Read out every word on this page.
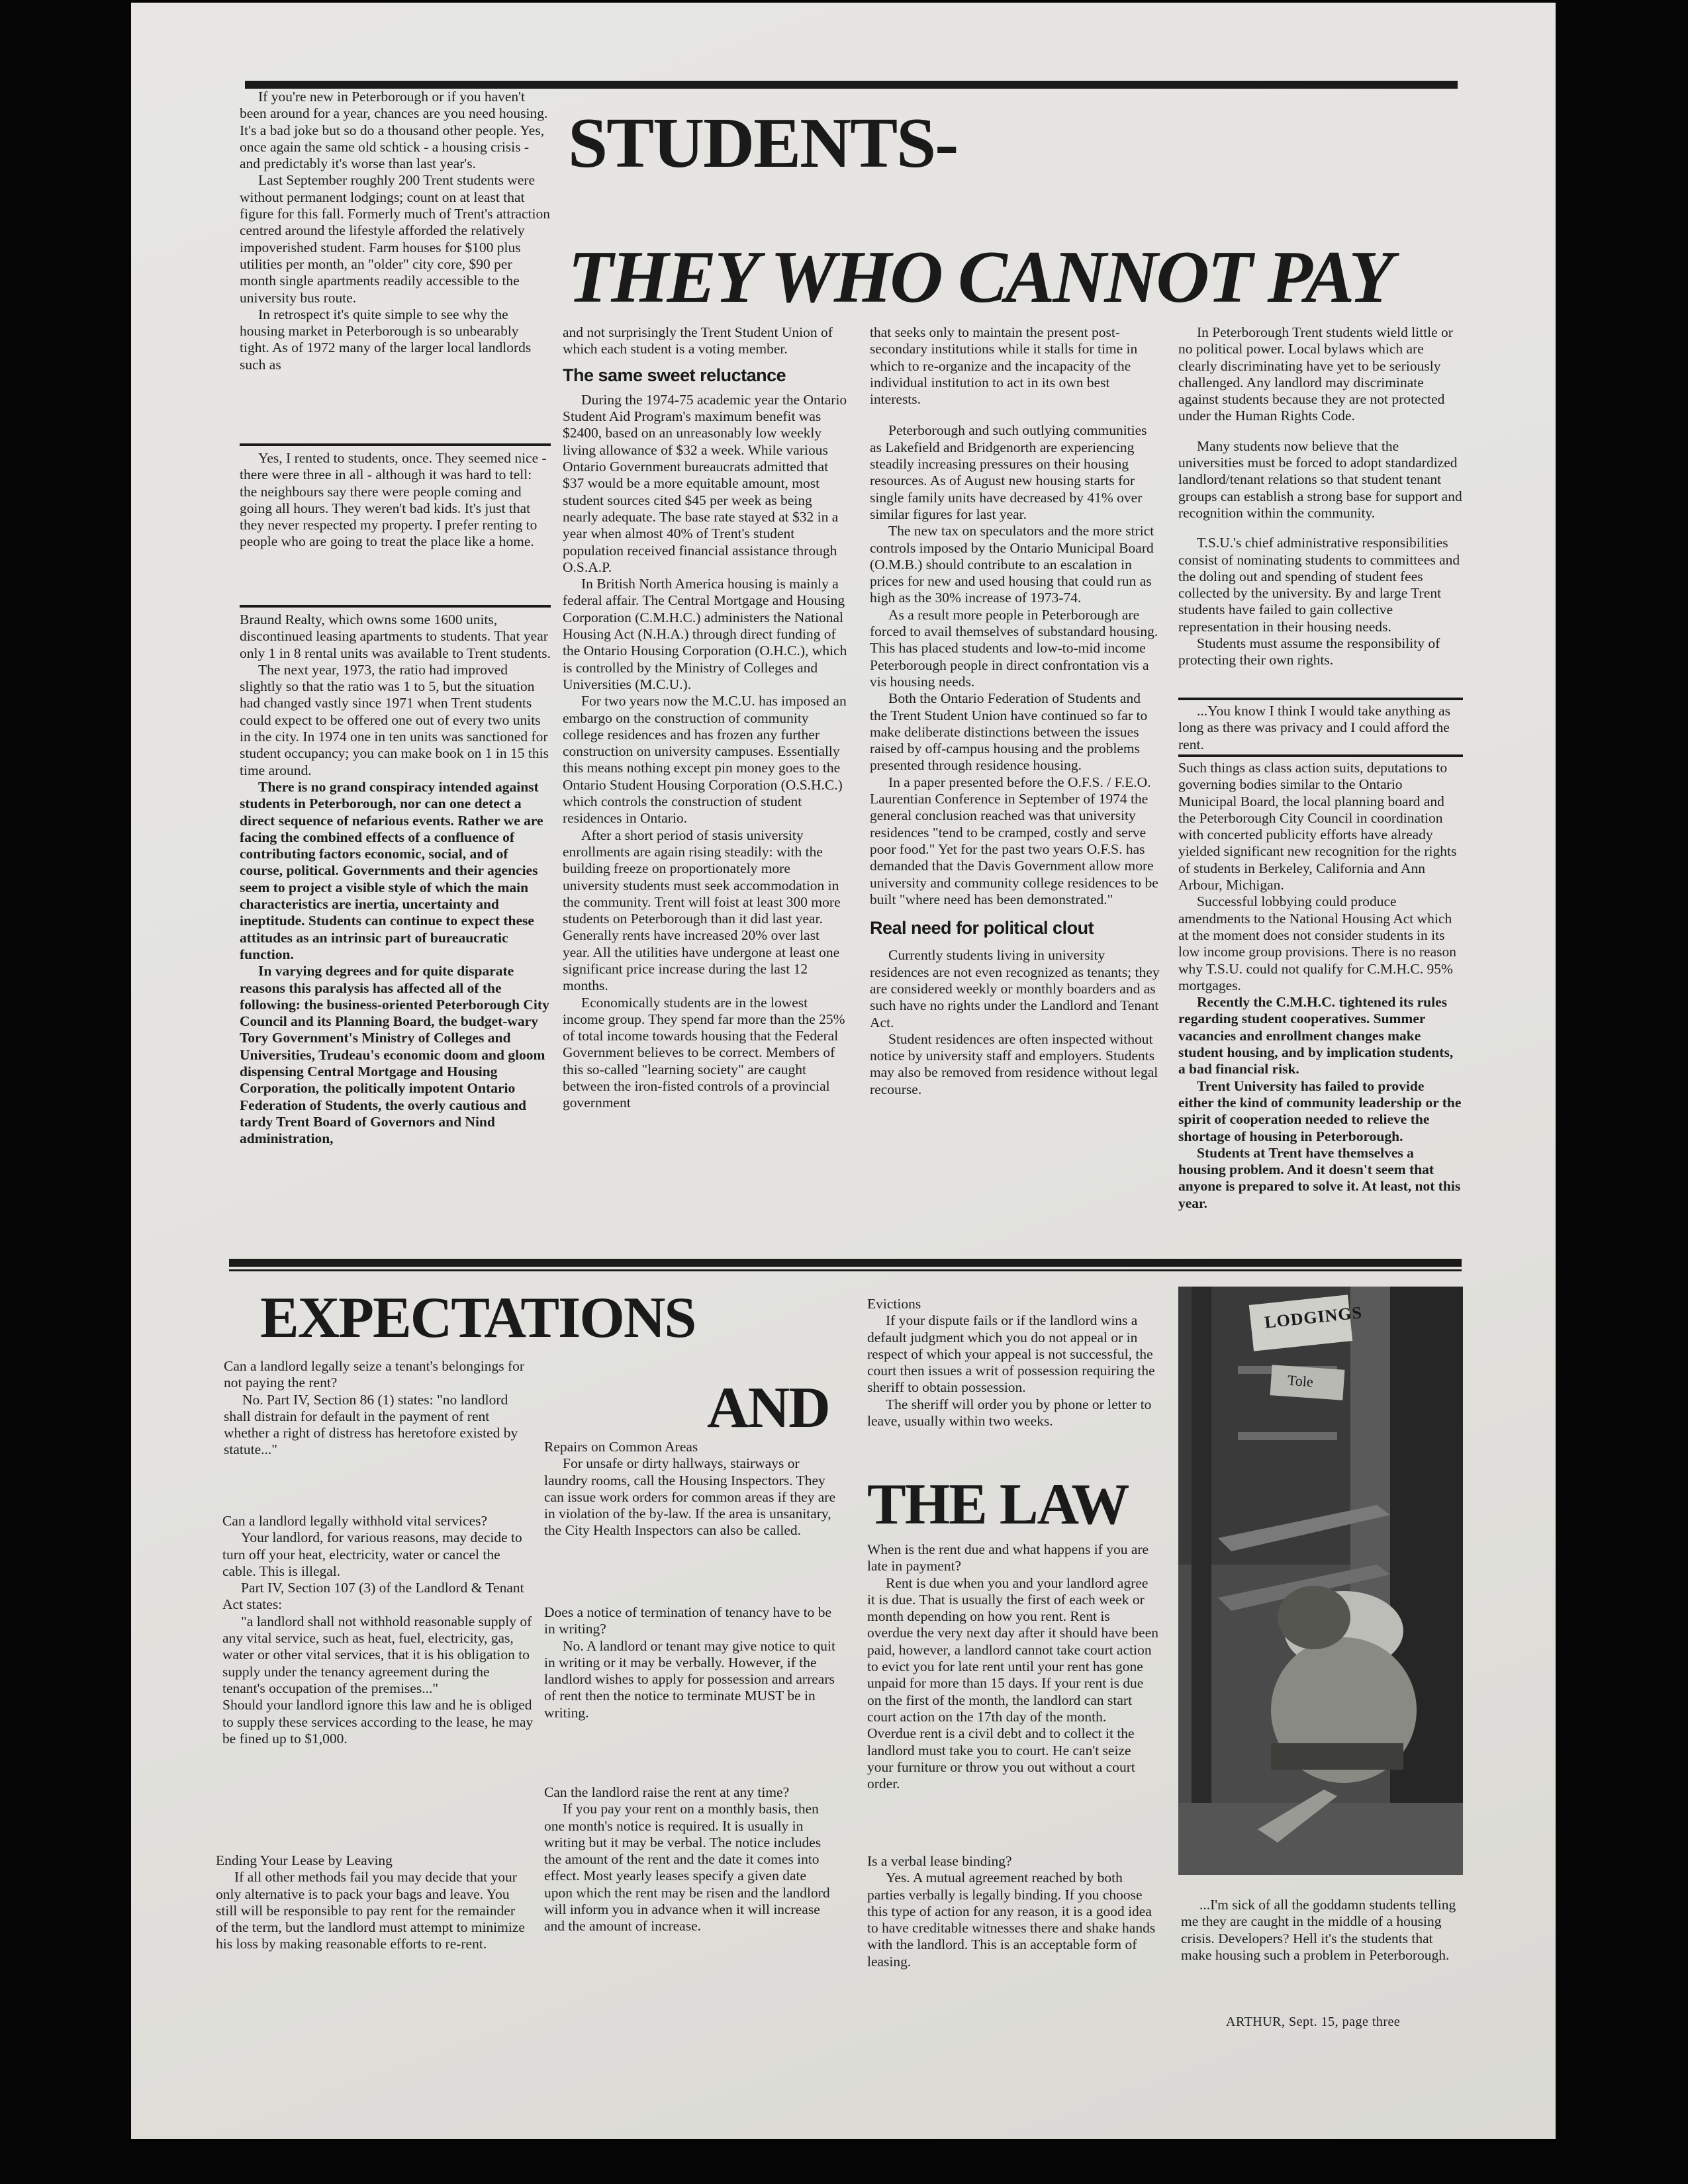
STUDENTS-
THEY WHO CANNOT PAY

If you're new in Peterborough or if you haven't been around for a year, chances are you need housing. It's a bad joke but so do a thousand other people. Yes, once again the same old schtick - a housing crisis - and predictably it's worse than last year's.

Last September roughly 200 Trent students were without permanent lodgings; count on at least that figure for this fall. Formerly much of Trent's attraction centred around the lifestyle afforded the relatively impoverished student. Farm houses for $100 plus utilities per month, an "older" city core, $90 per month single apartments readily accessible to the university bus route.

In retrospect it's quite simple to see why the housing market in Peterborough is so unbearably tight. As of 1972 many of the larger local landlords such as

Yes, I rented to students, once. They seemed nice - there were three in all - although it was hard to tell: the neighbours say there were people coming and going all hours. They weren't bad kids. It's just that they never respected my property. I prefer renting to people who are going to treat the place like a home.

Braund Realty, which owns some 1600 units, discontinued leasing apartments to students. That year only 1 in 8 rental units was available to Trent students.

The next year, 1973, the ratio had improved slightly so that the ratio was 1 to 5, but the situation had changed vastly since 1971 when Trent students could expect to be offered one out of every two units in the city. In 1974 one in ten units was sanctioned for student occupancy; you can make book on 1 in 15 this time around.

There is no grand conspiracy intended against students in Peterborough, nor can one detect a direct sequence of nefarious events. Rather we are facing the combined effects of a confluence of contributing factors economic, social, and of course, political. Governments and their agencies seem to project a visible style of which the main characteristics are inertia, uncertainty and ineptitude. Students can continue to expect these attitudes as an intrinsic part of bureaucratic function.

In varying degrees and for quite disparate reasons this paralysis has affected all of the following: the business-oriented Peterborough City Council and its Planning Board, the budget-wary Tory Government's Ministry of Colleges and Universities, Trudeau's economic doom and gloom dispensing Central Mortgage and Housing Corporation, the politically impotent Ontario Federation of Students, the overly cautious and tardy Trent Board of Governors and Nind administration,

and not surprisingly the Trent Student Union of which each student is a voting member.

The same sweet reluctance

During the 1974-75 academic year the Ontario Student Aid Program's maximum benefit was $2400, based on an unreasonably low weekly living allowance of $32 a week. While various Ontario Government bureaucrats admitted that $37 would be a more equitable amount, most student sources cited $45 per week as being nearly adequate. The base rate stayed at $32 in a year when almost 40% of Trent's student population received financial assistance through O.S.A.P.

In British North America housing is mainly a federal affair. The Central Mortgage and Housing Corporation (C.M.H.C.) administers the National Housing Act (N.H.A.) through direct funding of the Ontario Housing Corporation (O.H.C.), which is controlled by the Ministry of Colleges and Universities (M.C.U.).

For two years now the M.C.U. has imposed an embargo on the construction of community college residences and has frozen any further construction on university campuses. Essentially this means nothing except pin money goes to the Ontario Student Housing Corporation (O.S.H.C.) which controls the construction of student residences in Ontario.

After a short period of stasis university enrollments are again rising steadily: with the building freeze on proportionately more university students must seek accommodation in the community. Trent will foist at least 300 more students on Peterborough than it did last year. Generally rents have increased 20% over last year. All the utilities have undergone at least one significant price increase during the last 12 months.

Economically students are in the lowest income group. They spend far more than the 25% of total income towards housing that the Federal Government believes to be correct. Members of this so-called "learning society" are caught between the iron-fisted controls of a provincial government

that seeks only to maintain the present post-secondary institutions while it stalls for time in which to re-organize and the incapacity of the individual institution to act in its own best interests.

Peterborough and such outlying communities as Lakefield and Bridgenorth are experiencing steadily increasing pressures on their housing resources. As of August new housing starts for single family units have decreased by 41% over similar figures for last year.

The new tax on speculators and the more strict controls imposed by the Ontario Municipal Board (O.M.B.) should contribute to an escalation in prices for new and used housing that could run as high as the 30% increase of 1973-74.

As a result more people in Peterborough are forced to avail themselves of substandard housing. This has placed students and low-to-mid income Peterborough people in direct confrontation vis a vis housing needs.

Both the Ontario Federation of Students and the Trent Student Union have continued so far to make deliberate distinctions between the issues raised by off-campus housing and the problems presented through residence housing.

In a paper presented before the O.F.S. / F.E.O. Laurentian Conference in September of 1974 the general conclusion reached was that university residences "tend to be cramped, costly and serve poor food." Yet for the past two years O.F.S. has demanded that the Davis Government allow more university and community college residences to be built "where need has been demonstrated."

Real need for political clout

Currently students living in university residences are not even recognized as tenants; they are considered weekly or monthly boarders and as such have no rights under the Landlord and Tenant Act.

Student residences are often inspected without notice by university staff and employers. Students may also be removed from residence without legal recourse.

In Peterborough Trent students wield little or no political power. Local bylaws which are clearly discriminating have yet to be seriously challenged. Any landlord may discriminate against students because they are not protected under the Human Rights Code.

Many students now believe that the universities must be forced to adopt standardized landlord/tenant relations so that student tenant groups can establish a strong base for support and recognition within the community.

T.S.U.'s chief administrative responsibilities consist of nominating students to committees and the doling out and spending of student fees collected by the university. By and large Trent students have failed to gain collective representation in their housing needs.

Students must assume the responsibility of protecting their own rights.

...You know I think I would take anything as long as there was privacy and I could afford the rent.

Such things as class action suits, deputations to governing bodies similar to the Ontario Municipal Board, the local planning board and the Peterborough City Council in coordination with concerted publicity efforts have already yielded significant new recognition for the rights of students in Berkeley, California and Ann Arbour, Michigan.

Successful lobbying could produce amendments to the National Housing Act which at the moment does not consider students in its low income group provisions. There is no reason why T.S.U. could not qualify for C.M.H.C. 95% mortgages.

Recently the C.M.H.C. tightened its rules regarding student cooperatives. Summer vacancies and enrollment changes make student housing, and by implication students, a bad financial risk.

Trent University has failed to provide either the kind of community leadership or the spirit of cooperation needed to relieve the shortage of housing in Peterborough.

Students at Trent have themselves a housing problem. And it doesn't seem that anyone is prepared to solve it. At least, not this year.

EXPECTATIONS
AND
THE LAW

Can a landlord legally seize a tenant's belongings for not paying the rent?

No. Part IV, Section 86 (1) states: "no landlord shall distrain for default in the payment of rent whether a right of distress has heretofore existed by statute..."

Can a landlord legally withhold vital services?

Your landlord, for various reasons, may decide to turn off your heat, electricity, water or cancel the cable. This is illegal.

Part IV, Section 107 (3) of the Landlord & Tenant Act states:

"a landlord shall not withhold reasonable supply of any vital service, such as heat, fuel, electricity, gas, water or other vital services, that it is his obligation to supply under the tenancy agreement during the tenant's occupation of the premises..."

Should your landlord ignore this law and he is obliged to supply these services according to the lease, he may be fined up to $1,000.

Ending Your Lease by Leaving

If all other methods fail you may decide that your only alternative is to pack your bags and leave. You still will be responsible to pay rent for the remainder of the term, but the landlord must attempt to minimize his loss by making reasonable efforts to re-rent.

Repairs on Common Areas

For unsafe or dirty hallways, stairways or laundry rooms, call the Housing Inspectors. They can issue work orders for common areas if they are in violation of the by-law. If the area is unsanitary, the City Health Inspectors can also be called.

Does a notice of termination of tenancy have to be in writing?

No. A landlord or tenant may give notice to quit in writing or it may be verbally. However, if the landlord wishes to apply for possession and arrears of rent then the notice to terminate MUST be in writing.

Can the landlord raise the rent at any time?

If you pay your rent on a monthly basis, then one month's notice is required. It is usually in writing but it may be verbal. The notice includes the amount of the rent and the date it comes into effect. Most yearly leases specify a given date upon which the rent may be risen and the landlord will inform you in advance when it will increase and the amount of increase.

Evictions

If your dispute fails or if the landlord wins a default judgment which you do not appeal or in respect of which your appeal is not successful, the court then issues a writ of possession requiring the sheriff to obtain possession.

The sheriff will order you by phone or letter to leave, usually within two weeks.

When is the rent due and what happens if you are late in payment?

Rent is due when you and your landlord agree it is due. That is usually the first of each week or month depending on how you rent. Rent is overdue the very next day after it should have been paid, however, a landlord cannot take court action to evict you for late rent until your rent has gone unpaid for more than 15 days. If your rent is due on the first of the month, the landlord can start court action on the 17th day of the month. Overdue rent is a civil debt and to collect it the landlord must take you to court. He can't seize your furniture or throw you out without a court order.

Is a verbal lease binding?

Yes. A mutual agreement reached by both parties verbally is legally binding. If you choose this type of action for any reason, it is a good idea to have creditable witnesses there and shake hands with the landlord. This is an acceptable form of leasing.

LODGINGS
Tole

...I'm sick of all the goddamn students telling me they are caught in the middle of a housing crisis. Developers? Hell it's the students that make housing such a problem in Peterborough.

ARTHUR, Sept. 15, page three
